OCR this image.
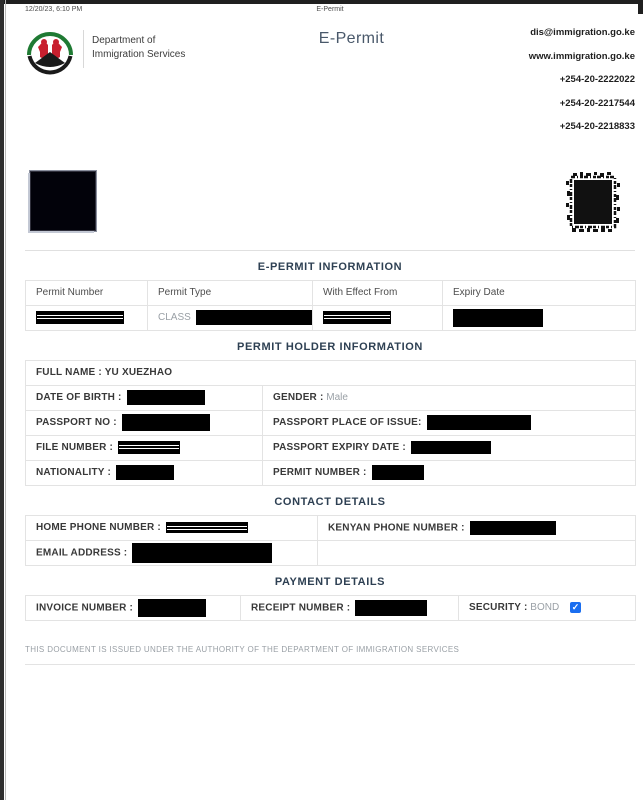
12/20/23, 6:10 PM	E-Permit
Department of
Immigration Services
E-Permit	dis@immigration.go.ke
www.immigration.go.ke
+254-20-2222022
+254-20-2217544
+254-20-2218833
E-PERMIT INFORMATION
Permit Number	Permit Type	With Effect From	Expiry Date
	CLASS		
PERMIT HOLDER INFORMATION
FULL NAME : YU XUEZHAO	
DATE OF BIRTH :	GENDER : Male
PASSPORT NO :	PASSPORT PLACE OF ISSUE:
FILE NUMBER :	PASSPORT EXPIRY DATE :
NATIONALITY :	PERMIT NUMBER :
CONTACT DETAILS
HOME PHONE NUMBER :	KENYAN PHONE NUMBER :
EMAIL ADDRESS :	
PAYMENT DETAILS
INVOICE NUMBER :	RECEIPT NUMBER :	SECURITY : BOND ✓
THIS DOCUMENT IS ISSUED UNDER THE AUTHORITY OF THE DEPARTMENT OF IMMIGRATION SERVICES
